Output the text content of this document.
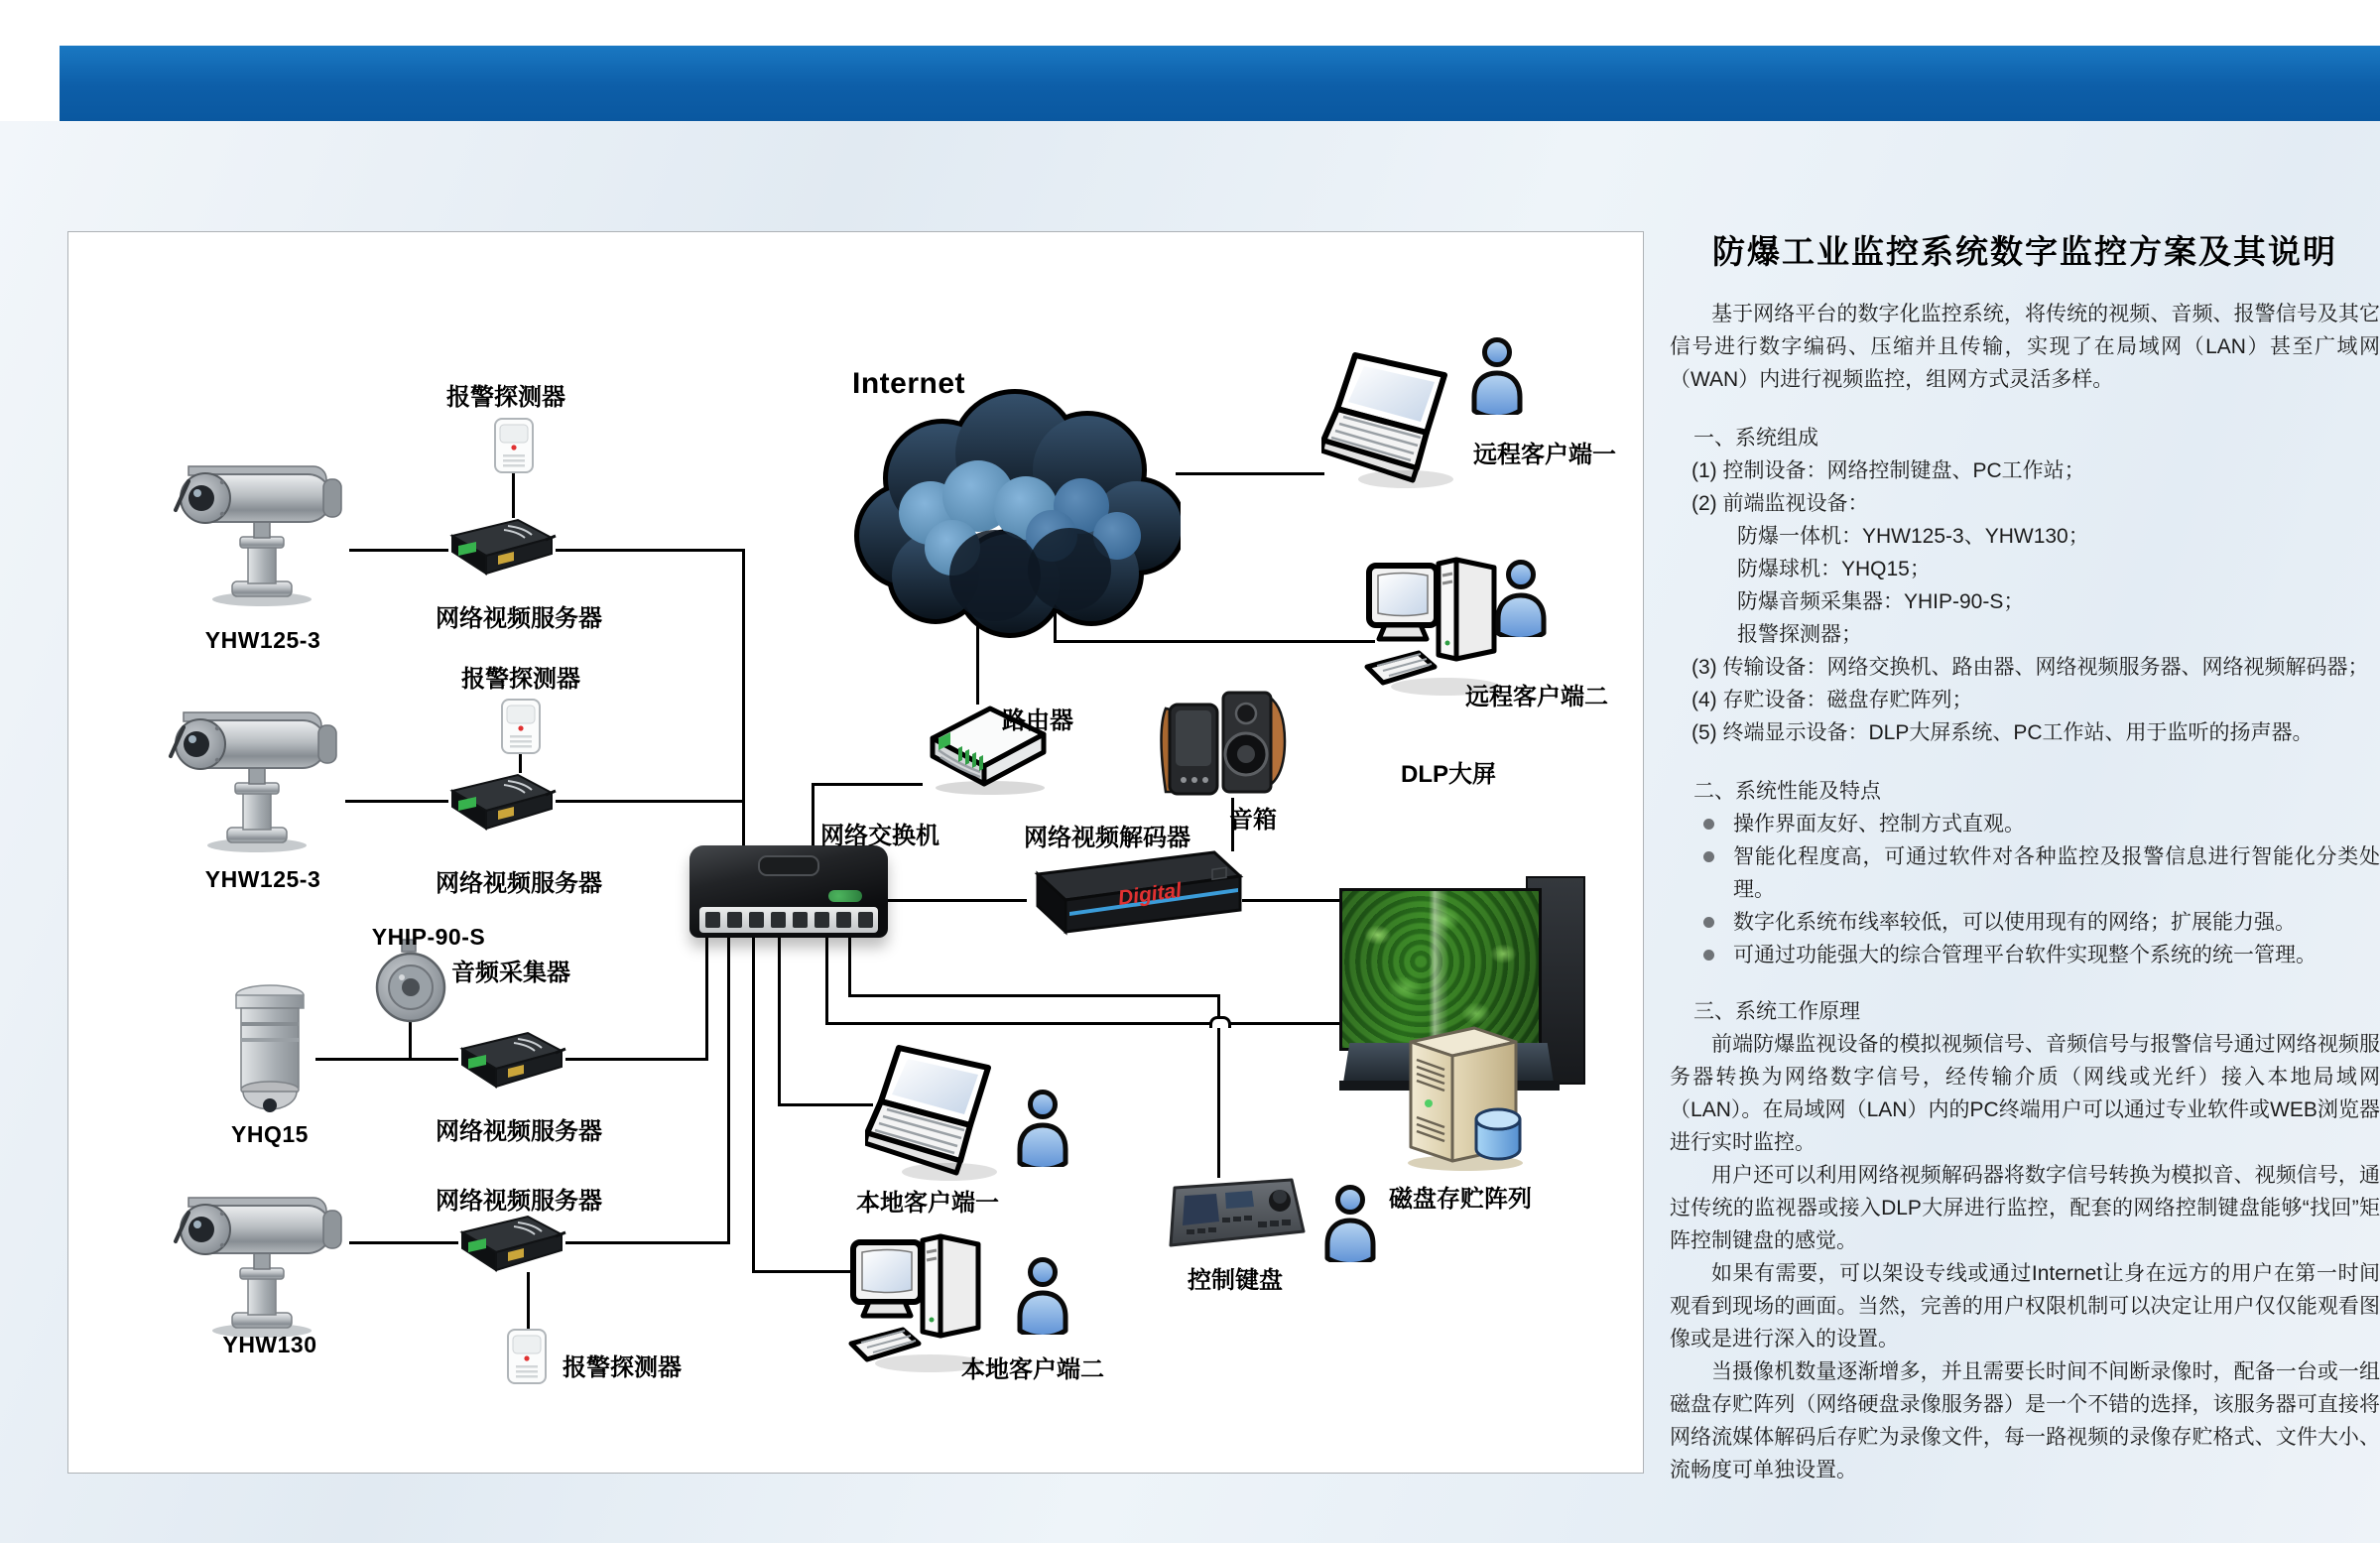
报警探测器
YHW125-3
网络视频服务器
报警探测器
YHW125-3	网络视频服务器
YHIP-90-S
音频采集器
网络视频服务器
YHQ15
网络视频服务器
YHW130
报警探测器
Internet
路由器
网络交换机	网络视频解码器
音箱
DLP大屏
远程客户端一
远程客户端二
本地客户端一
控制键盘
磁盘存贮阵列
本地客户端二
防爆工业监控系统数字监控方案及其说明

基于网络平台的数字化监控系统，将传统的视频、音频、报警信号及其它信号进行数字编码、压缩并且传输，实现了在局域网（LAN）甚至广域网（WAN）内进行视频监控，组网方式灵活多样。

一、系统组成
(1) 控制设备：网络控制键盘、PC工作站；
(2) 前端监视设备：
防爆一体机：YHW125-3、YHW130；
防爆球机：YHQ15；
防爆音频采集器：YHIP-90-S；
报警探测器；
(3) 传输设备：网络交换机、路由器、网络视频服务器、网络视频解码器；
(4) 存贮设备：磁盘存贮阵列；
(5) 终端显示设备：DLP大屏系统、PC工作站、用于监听的扬声器。
二、系统性能及特点
操作界面友好、控制方式直观。
智能化程度高，可通过软件对各种监控及报警信息进行智能化分类处理。
数字化系统布线率较低，可以使用现有的网络；扩展能力强。
可通过功能强大的综合管理平台软件实现整个系统的统一管理。
三、系统工作原理

前端防爆监视设备的模拟视频信号、音频信号与报警信号通过网络视频服务器转换为网络数字信号，经传输介质（网线或光纤）接入本地局域网（LAN）。在局域网（LAN）内的PC终端用户可以通过专业软件或WEB浏览器进行实时监控。

用户还可以利用网络视频解码器将数字信号转换为模拟音、视频信号，通过传统的监视器或接入DLP大屏进行监控，配套的网络控制键盘能够“找回”矩阵控制键盘的感觉。

如果有需要，可以架设专线或通过Internet让身在远方的用户在第一时间观看到现场的画面。当然，完善的用户权限机制可以决定让用户仅仅能观看图像或是进行深入的设置。

当摄像机数量逐渐增多，并且需要长时间不间断录像时，配备一台或一组磁盘存贮阵列（网络硬盘录像服务器）是一个不错的选择，该服务器可直接将网络流媒体解码后存贮为录像文件，每一路视频的录像存贮格式、文件大小、流畅度可单独设置。
